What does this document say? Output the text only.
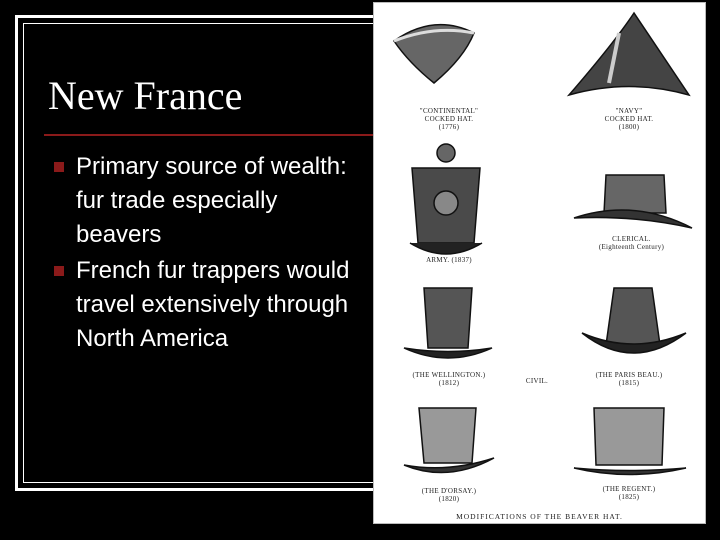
New France
Primary source of wealth: fur trade especially beavers
French fur trappers would travel extensively through North America
"CONTINENTAL"
COCKED HAT.
(1776)
"NAVY"
COCKED HAT.
(1800)
ARMY. (1837)
CLERICAL.
(Eighteenth Century)
(THE WELLINGTON.)
(1812)	CIVIL.
(THE PARIS BEAU.)
(1815)
(THE D'ORSAY.)
(1820)
(THE REGENT.)
(1825)
MODIFICATIONS OF THE BEAVER HAT.
